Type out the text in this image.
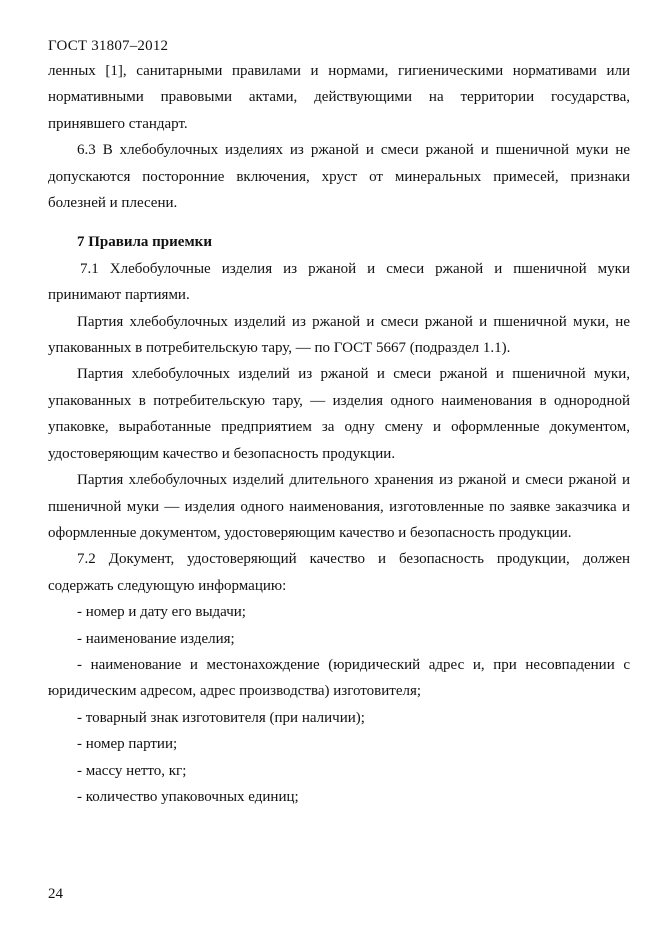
ГОСТ 31807–2012

ленных [1], санитарными правилами и нормами, гигиеническими нормативами или нормативными правовыми актами, действующими на территории государства, принявшего стандарт.

6.3 В хлебобулочных изделиях из ржаной и смеси ржаной и пшеничной муки не допускаются посторонние включения, хруст от минеральных примесей, признаки болезней и плесени.

7 Правила приемки

7.1 Хлебобулочные изделия из ржаной и смеси ржаной и пшеничной муки принимают партиями.

Партия хлебобулочных изделий из ржаной и смеси ржаной и пшеничной муки, не упакованных в потребительскую тару, — по ГОСТ 5667 (подраздел 1.1).

Партия хлебобулочных изделий из ржаной и смеси ржаной и пшеничной муки, упакованных в потребительскую тару, — изделия одного наименования в однородной упаковке, выработанные предприятием за одну смену и оформленные документом, удостоверяющим качество и безопасность продукции.

Партия хлебобулочных изделий длительного хранения из ржаной и смеси ржаной и пшеничной муки — изделия одного наименования, изготовленные по заявке заказчика и оформленные документом, удостоверяющим качество и безопасность продукции.

7.2 Документ, удостоверяющий качество и безопасность продукции, должен содержать следующую информацию:

- номер и дату его выдачи;

- наименование изделия;

- наименование и местонахождение (юридический адрес и, при несовпадении с юридическим адресом, адрес производства) изготовителя;

- товарный знак изготовителя (при наличии);

- номер партии;

- массу нетто, кг;

- количество упаковочных единиц;

24
